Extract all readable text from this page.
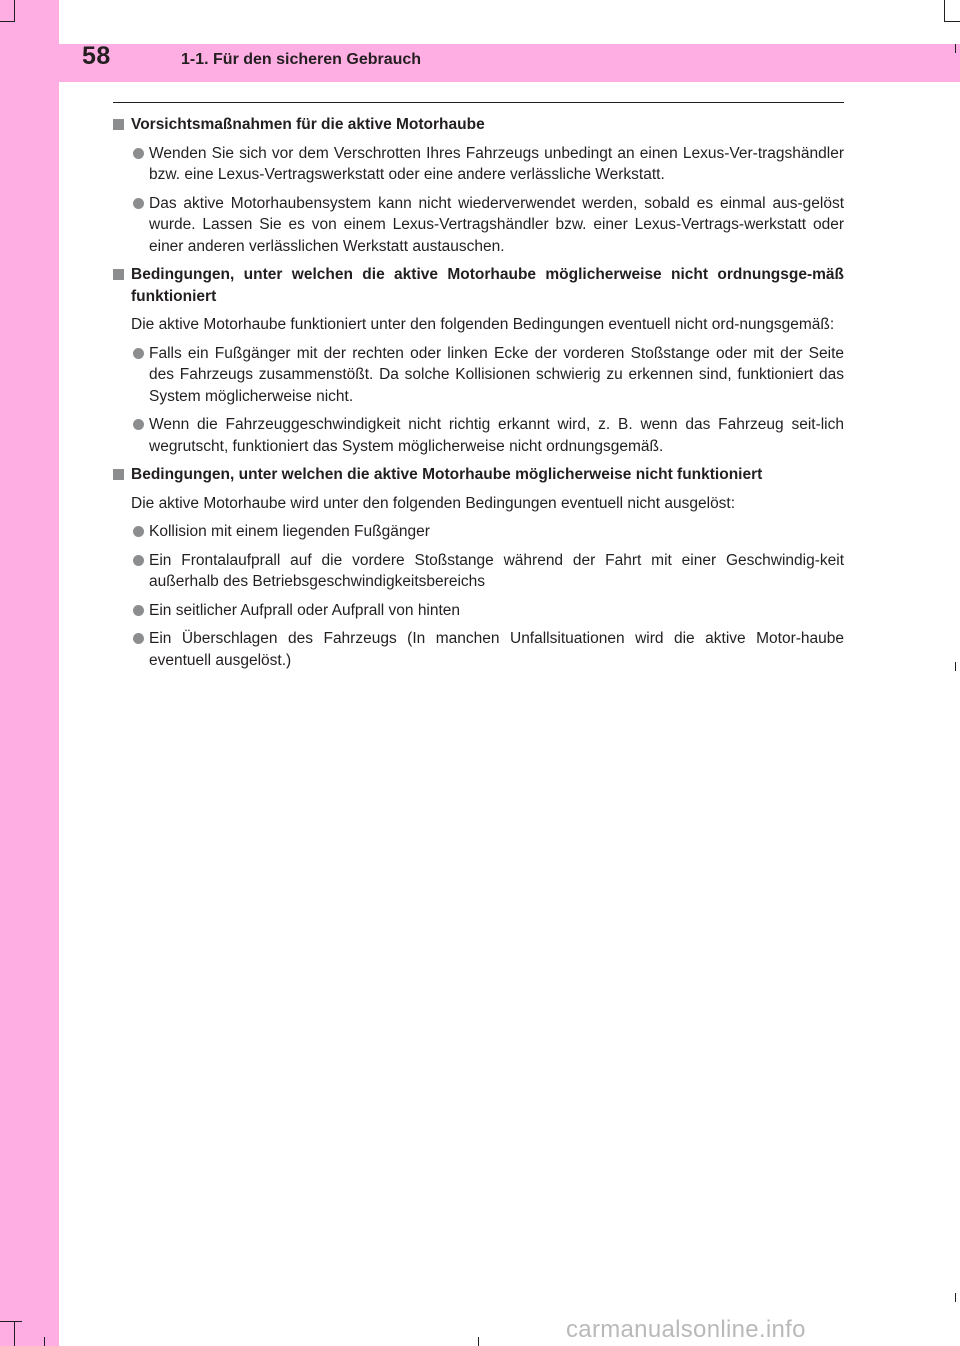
58	1-1. Für den sicheren Gebrauch
Vorsichtsmaßnahmen für die aktive Motorhaube
Wenden Sie sich vor dem Verschrotten Ihres Fahrzeugs unbedingt an einen Lexus-Ver-tragshändler bzw. eine Lexus-Vertragswerkstatt oder eine andere verlässliche Werkstatt.
Das aktive Motorhaubensystem kann nicht wiederverwendet werden, sobald es einmal aus-gelöst wurde. Lassen Sie es von einem Lexus-Vertragshändler bzw. einer Lexus-Vertrags-werkstatt oder einer anderen verlässlichen Werkstatt austauschen.
Bedingungen, unter welchen die aktive Motorhaube möglicherweise nicht ordnungsge-mäß funktioniert
Die aktive Motorhaube funktioniert unter den folgenden Bedingungen eventuell nicht ord-nungsgemäß:
Falls ein Fußgänger mit der rechten oder linken Ecke der vorderen Stoßstange oder mit der Seite des Fahrzeugs zusammenstößt. Da solche Kollisionen schwierig zu erkennen sind, funktioniert das System möglicherweise nicht.
Wenn die Fahrzeuggeschwindigkeit nicht richtig erkannt wird, z. B. wenn das Fahrzeug seit-lich wegrutscht, funktioniert das System möglicherweise nicht ordnungsgemäß.
Bedingungen, unter welchen die aktive Motorhaube möglicherweise nicht funktioniert
Die aktive Motorhaube wird unter den folgenden Bedingungen eventuell nicht ausgelöst:
Kollision mit einem liegenden Fußgänger
Ein Frontalaufprall auf die vordere Stoßstange während der Fahrt mit einer Geschwindig-keit außerhalb des Betriebsgeschwindigkeitsbereichs
Ein seitlicher Aufprall oder Aufprall von hinten
Ein Überschlagen des Fahrzeugs (In manchen Unfallsituationen wird die aktive Motor-haube eventuell ausgelöst.)
carmanualsonline.info
